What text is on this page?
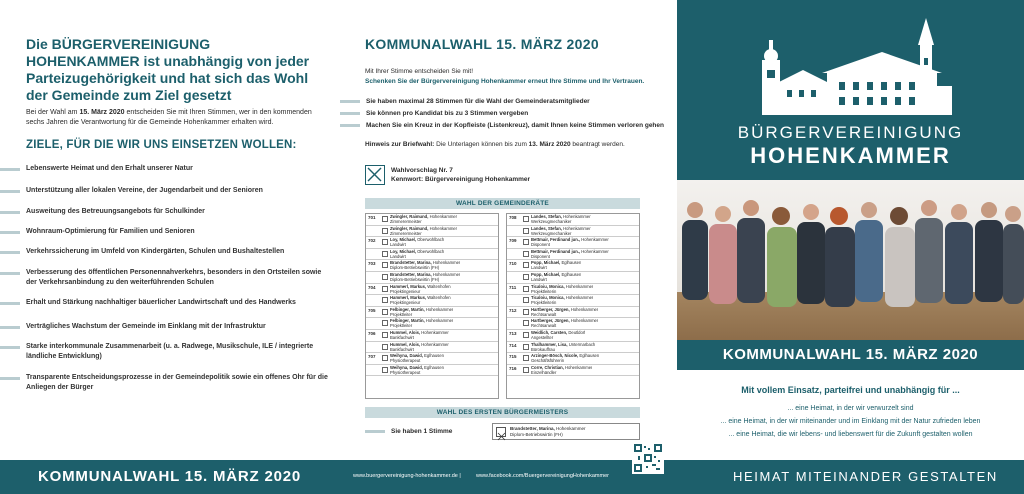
Die BÜRGERVEREINIGUNG HOHENKAMMER ist unabhängig von jeder Parteizugehörigkeit und hat sich das Wohl der Gemeinde zum Ziel gesetzt
Bei der Wahl am 15. März 2020 entscheiden Sie mit Ihren Stimmen, wer in den kommenden sechs Jahren die Verantwortung für die Gemeinde Hohenkammer erhalten wird.
ZIELE, FÜR DIE WIR UNS EINSETZEN WOLLEN:
Lebenswerte Heimat und den Erhalt unserer Natur
Unterstützung aller lokalen Vereine, der Jugendarbeit und der Senioren
Ausweitung des Betreuungsangebots für Schulkinder
Wohnraum-Optimierung für Familien und Senioren
Verkehrssicherung im Umfeld von Kindergärten, Schulen und Bushaltestellen
Verbesserung des öffentlichen Personennahverkehrs, besonders in den Ortsteilen sowie der Verkehrsanbindung zu den weiterführenden Schulen
Erhalt und Stärkung nachhaltiger bäuerlicher Landwirtschaft und des Handwerks
Verträgliches Wachstum der Gemeinde im Einklang mit der Infrastruktur
Starke interkommunale Zusammenarbeit (u. a. Radwege, Musikschule, ILE / integrierte ländliche Entwicklung)
Transparente Entscheidungsprozesse in der Gemeindepolitik sowie ein offenes Ohr für die Anliegen der Bürger
KOMMUNALWAHL 15. MÄRZ 2020
Mit Ihrer Stimme entscheiden Sie mit!
Schenken Sie der Bürgervereinigung Hohenkammer erneut Ihre Stimme und Ihr Vertrauen.
Sie haben maximal 28 Stimmen für die Wahl der Gemeinderatsmitglieder
Sie können pro Kandidat bis zu 3 Stimmen vergeben
Machen Sie ein Kreuz in der Kopfleiste (Listenkreuz), damit Ihnen keine Stimmen verloren gehen
Hinweis zur Briefwahl: Die Unterlagen können bis zum 13. März 2020 beantragt werden.
Wahlvorschlag Nr. 7
Kennwort: Bürgervereinigung Hohenkammer
WAHL DER GEMEINDERÄTE
701	Zwingler, Raimund, Hohenkammer
Zimmerermeister
Zwingler, Raimund, Hohenkammer
Zimmerermeister
702	Loy, Michael, Oberwohlbach
Landwirt
Loy, Michael, Oberwohlbach
Landwirt
703	Brandstetter, Marina, Hohenkammer
Diplom-Betriebswirtin (FH)
Brandstetter, Marina, Hohenkammer
Diplom-Betriebswirtin (FH)
704	Hammerl, Markus, Waltenhofen
Projektingenieur
Hammerl, Markus, Waltenhofen
Projektingenieur
705	Felbinger, Martin, Hohenkammer
Projektleiter
Felbinger, Martin, Hohenkammer
Projektleiter
706	Hummel, Alois, Hohenkammer
Bankfachwirt
Hummel, Alois, Hohenkammer
Bankfachwirt
707	Weihyna, Dawid, Eglhausen
Physiotherapeut
Weihyna, Dawid, Eglhausen
Physiotherapeut
708	Landes, Stefan, Hohenkammer
Werkzeugmechaniker
Landes, Stefan, Hohenkammer
Werkzeugmechaniker
709	Bettmair, Ferdinand jun., Hohenkammer
Disponent
Bettmair, Ferdinand jun., Hohenkammer
Disponent
710	Popp, Michael, Eglhausen
Landwirt
Popp, Michael, Eglhausen
Landwirt
711	Ticaloiu, Monica, Hohenkammer
Projektleiterin
Ticaloiu, Monica, Hohenkammer
Projektleiterin
712	Hartberger, Jürgen, Hohenkammer
Rechtsanwalt
Hartberger, Jürgen, Hohenkammer
Rechtsanwalt
713	Weidlich, Carsten, Deutldorf
Angestellter
714	Thalhammer, Lisa, Untermarbach
Bürokauffrau
715	Arzinger-Bösch, Nicole, Eglhausen
Geschäftsführerin
716	Corre, Christian, Hohenkammer
Einzelhändler
WAHL DES ERSTEN BÜRGERMEISTERS
Sie haben 1 Stimme	Brandstetter, Marina, Hohenkammer
Diplom-Betriebswirtin (FH)
BÜRGERVEREINIGUNG
HOHENKAMMER
KOMMUNALWAHL 15. MÄRZ 2020
Mit vollem Einsatz, parteifrei und unabhängig für ...
... eine Heimat, in der wir verwurzelt sind
... eine Heimat, in der wir miteinander und im Einklang mit der Natur zufrieden leben
... eine Heimat, die wir lebens- und liebenswert für die Zukunft gestalten wollen
KOMMUNALWAHL 15. MÄRZ 2020	www.buergervereinigung-hohenkammer.de |	www.facebook.com/BuergervereinigungHohenkammer	HEIMAT MITEINANDER GESTALTEN
